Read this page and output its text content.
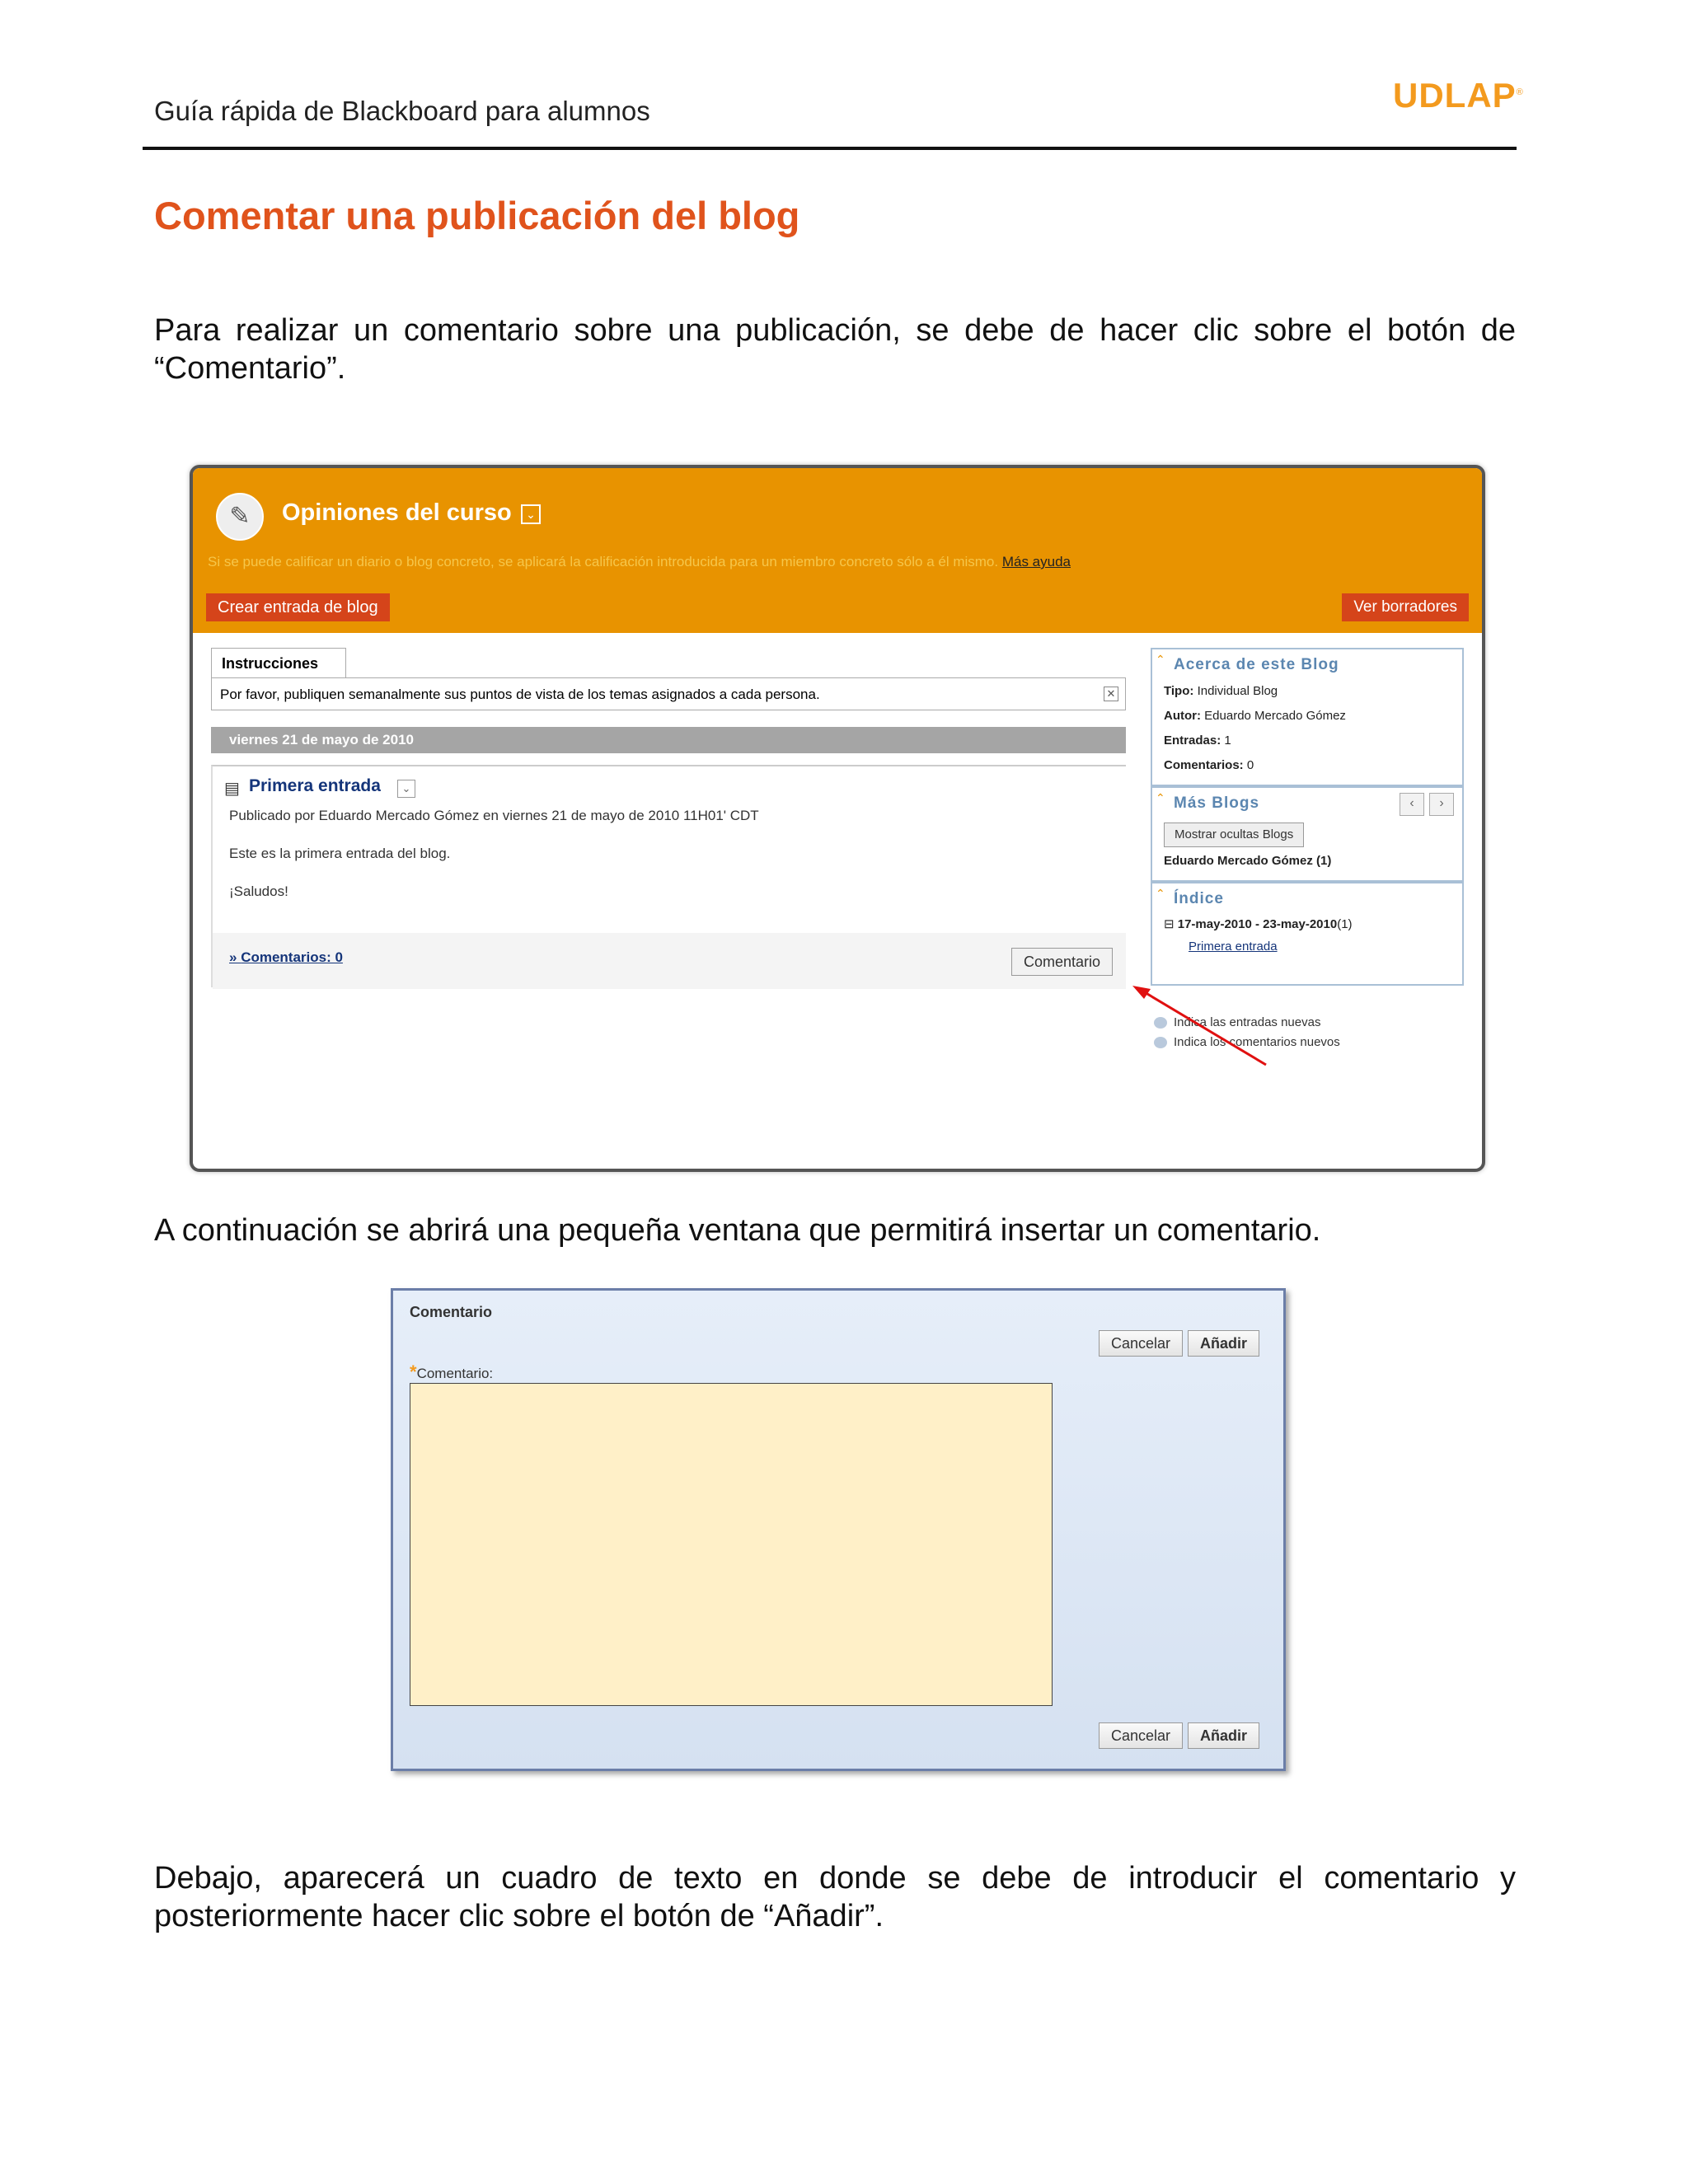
Guía rápida de Blackboard para alumnos	UDLAP®
Comentar una publicación del blog
Para realizar un comentario sobre una publicación, se debe de hacer clic sobre el botón de “Comentario”.
✎	Opiniones del curso	⌄
Si se puede calificar un diario o blog concreto, se aplicará la calificación introducida para un miembro concreto sólo a él mismo. Más ayuda
Crear entrada de blog	Ver borradores
Instrucciones
Por favor, publiquen semanalmente sus puntos de vista de los temas asignados a cada persona.	✕
viernes 21 de mayo de 2010
▤ Primera entrada	⌄
Publicado por Eduardo Mercado Gómez en viernes 21 de mayo de 2010 11H01' CDT
Este es la primera entrada del blog.
¡Saludos!
» Comentarios: 0	Comentario
⌃ Acerca de este Blog
Tipo: Individual Blog
Autor: Eduardo Mercado Gómez
Entradas: 1
Comentarios: 0
⌃ Más Blogs	‹	›
Mostrar ocultas Blogs
Eduardo Mercado Gómez (1)
⌃ Índice
⊟ 17-may-2010 - 23-may-2010(1)
Primera entrada
Indica las entradas nuevas
Indica los comentarios nuevos
A continuación se abrirá una pequeña ventana que permitirá insertar un comentario.
Comentario
Cancelar	Añadir
*Comentario:
Cancelar	Añadir
Debajo, aparecerá un cuadro de texto en donde se debe de introducir el comentario y posteriormente hacer clic sobre el botón de “Añadir”.
